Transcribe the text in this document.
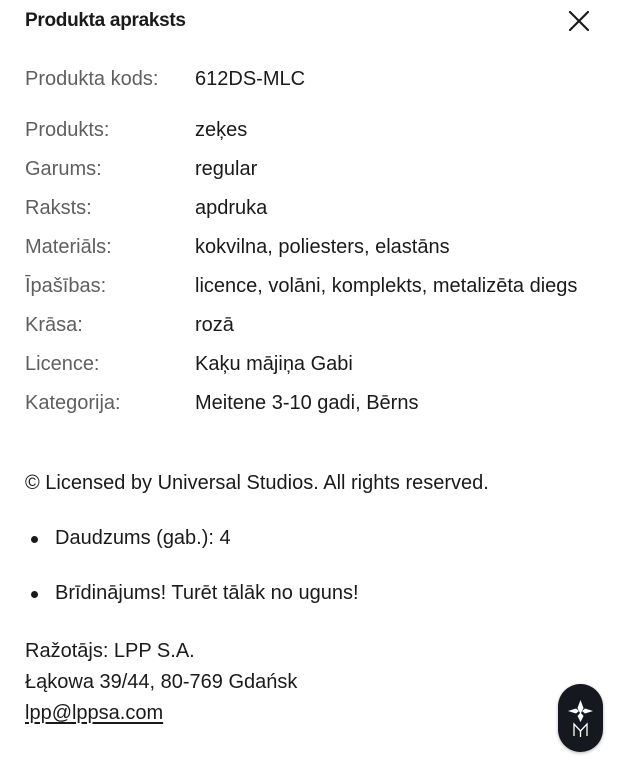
Produkta apraksts
Produkta kods:	612DS-MLC
Produkts:	zeķes
Garums:	regular
Raksts:	apdruka
Materiāls:	kokvilna, poliesters, elastāns
Īpašības:	licence, volāni, komplekts, metalizēta diegs
Krāsa:	rozā
Licence:	Kaķu mājiņa Gabi
Kategorija:	Meitene 3-10 gadi, Bērns

© Licensed by Universal Studios. All rights reserved.

Daudzums (gab.): 4
Brīdinājums! Turēt tālāk no uguns!
Ražotājs: LPP S.A.
Łąkowa 39/44, 80-769 Gdańsk
lpp@lppsa.com
